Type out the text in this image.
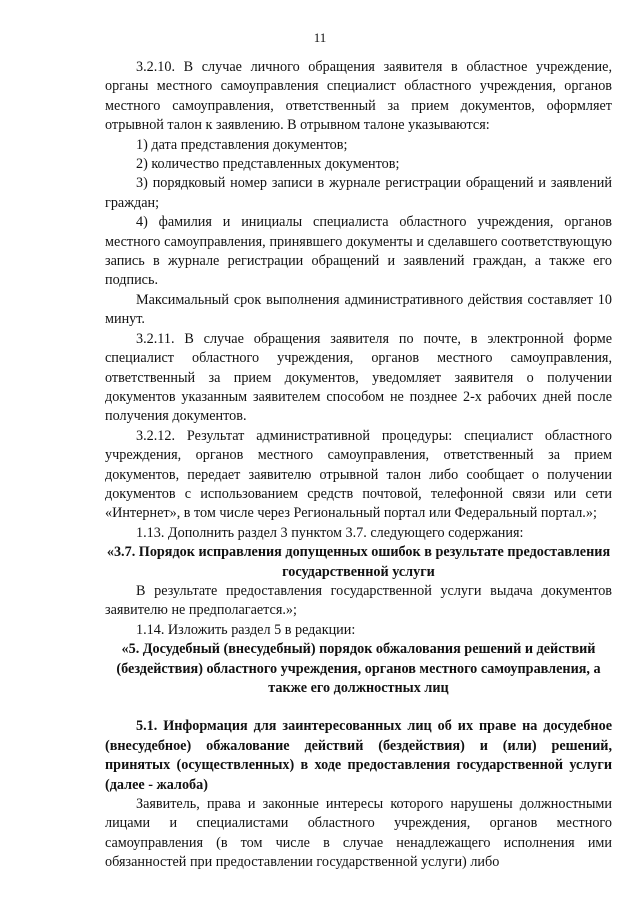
11

3.2.10. В случае личного обращения заявителя в областное учреждение, органы местного самоуправления специалист областного учреждения, органов местного самоуправления, ответственный за прием документов, оформляет отрывной талон к заявлению. В отрывном талоне указываются:

1) дата представления документов;

2) количество представленных документов;

3) порядковый номер записи в журнале регистрации обращений и заявлений граждан;

4) фамилия и инициалы специалиста областного учреждения, органов местного самоуправления, принявшего документы и сделавшего соответствующую запись в журнале регистрации обращений и заявлений граждан, а также его подпись.

Максимальный срок выполнения административного действия составляет 10 минут.

3.2.11. В случае обращения заявителя по почте, в электронной форме специалист областного учреждения, органов местного самоуправления, ответственный за прием документов, уведомляет заявителя о получении документов указанным заявителем способом не позднее 2-х рабочих дней после получения документов.

3.2.12. Результат административной процедуры: специалист областного учреждения, органов местного самоуправления, ответственный за прием документов, передает заявителю отрывной талон либо сообщает о получении документов с использованием средств почтовой, телефонной связи или сети «Интернет», в том числе через Региональный портал или Федеральный портал.»;

1.13. Дополнить раздел 3 пунктом 3.7. следующего содержания:

«3.7. Порядок исправления допущенных ошибок в результате предоставления государственной услуги

В результате предоставления государственной услуги выдача документов заявителю не предполагается.»;

1.14. Изложить раздел 5 в редакции:

«5. Досудебный (внесудебный) порядок обжалования решений и действий (бездействия) областного учреждения, органов местного самоуправления, а также его должностных лиц

5.1. Информация для заинтересованных лиц об их праве на досудебное (внесудебное) обжалование действий (бездействия) и (или) решений, принятых (осуществленных) в ходе предоставления государственной услуги (далее - жалоба)

Заявитель, права и законные интересы которого нарушены должностными лицами и специалистами областного учреждения, органов местного самоуправления (в том числе в случае ненадлежащего исполнения ими обязанностей при предоставлении государственной услуги) либо
